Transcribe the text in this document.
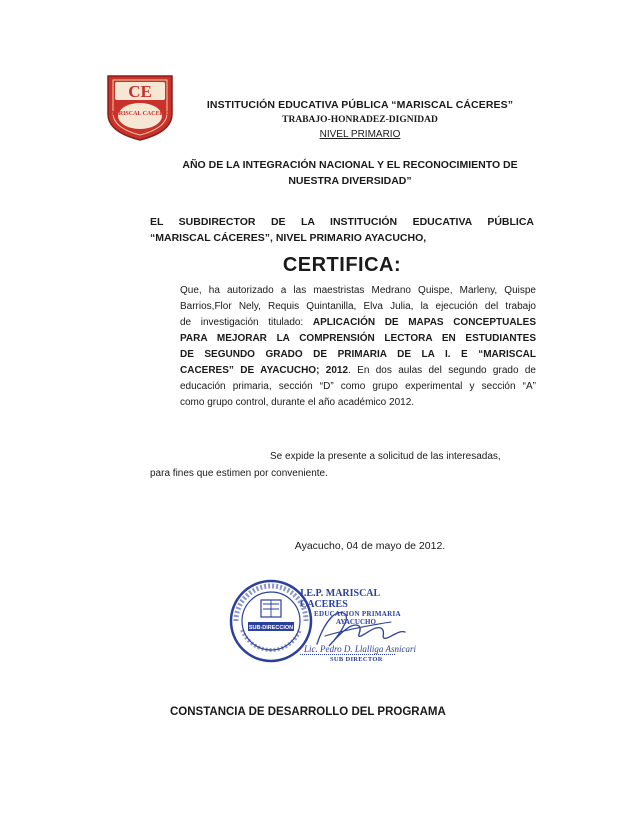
CE
MARISCAL CACERES
INSTITUCIÓN EDUCATIVA PÚBLICA “MARISCAL CÁCERES”
TRABAJO-HONRADEZ-DIGNIDAD
NIVEL PRIMARIO
AÑO DE LA INTEGRACIÓN NACIONAL Y EL RECONOCIMIENTO DE
NUESTRA DIVERSIDAD”
EL SUBDIRECTOR DE LA INSTITUCIÓN EDUCATIVA PÚBLICA
“MARISCAL CÁCERES”, NIVEL PRIMARIO AYACUCHO,
CERTIFICA:
Que, ha autorizado a las maestristas Medrano Quispe, Marleny, Quispe
Barrios,Flor Nely, Requis Quintanilla, Elva Julia, la ejecución del trabajo
de investigación titulado: APLICACIÓN DE MAPAS CONCEPTUALES
PARA MEJORAR LA COMPRENSIÓN LECTORA EN ESTUDIANTES
DE SEGUNDO GRADO DE PRIMARIA DE LA I. E “MARISCAL
CACERES” DE AYACUCHO; 2012. En dos aulas del segundo grado de
educación primaria, sección “D” como grupo experimental y sección “A”
como grupo control, durante el año académico 2012.
Se expide la presente a solicitud de las interesadas,
para fines que estimen por conveniente.
Ayacucho, 04 de mayo de 2012.
SUB-DIRECCION
I.E.P. MARISCAL CACERES
EDUCACION PRIMARIA
AYACUCHO
Lic. Pedro D. Llalliga Asnicari
SUB DIRECTOR
CONSTANCIA DE DESARROLLO DEL PROGRAMA
